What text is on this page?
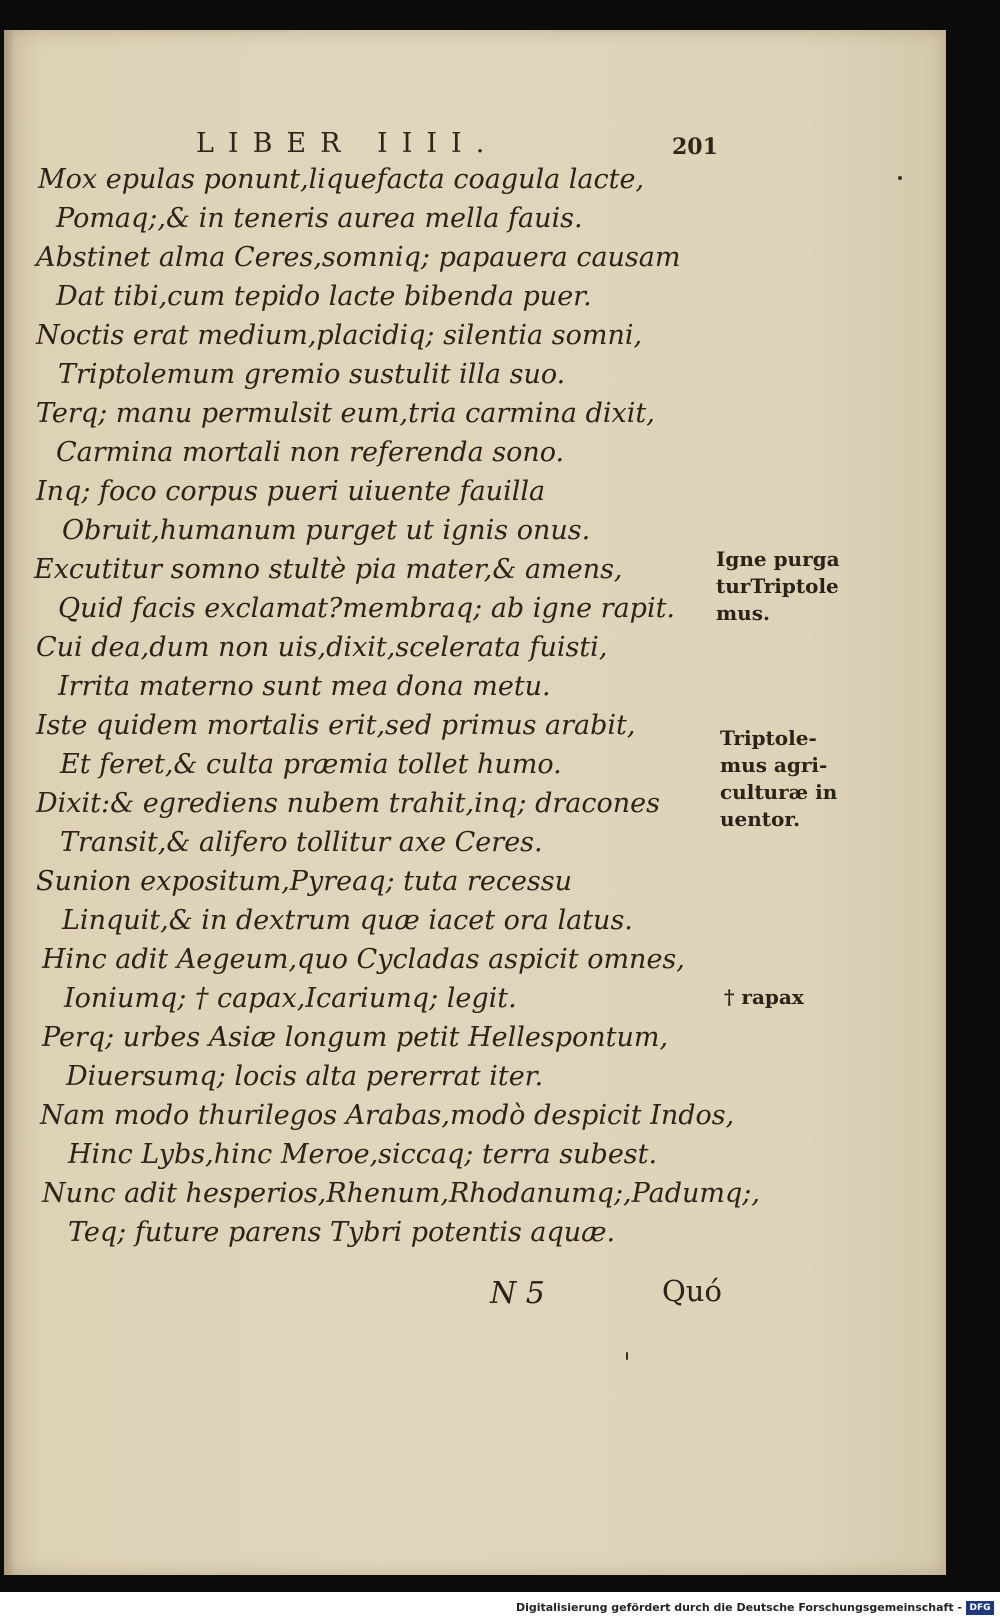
LIBER IIII.	201
Mox epulas ponunt,liquefacta coagula lacte,
Pomaq;,& in teneris aurea mella fauis.
Abstinet alma Ceres,somniq; papauera causam
Dat tibi,cum tepido lacte bibenda puer.
Noctis erat medium,placidiq; silentia somni,
Triptolemum gremio sustulit illa suo.
Terq; manu permulsit eum,tria carmina dixit,
Carmina mortali non referenda sono.
Inq; foco corpus pueri uiuente fauilla
Obruit,humanum purget ut ignis onus.
Excutitur somno stultè pia mater,& amens,
Quid facis exclamat?membraq; ab igne rapit.
Cui dea,dum non uis,dixit,scelerata fuisti,
Irrita materno sunt mea dona metu.
Iste quidem mortalis erit,sed primus arabit,
Et feret,& culta præmia tollet humo.
Dixit:& egrediens nubem trahit,inq; dracones
Transit,& alifero tollitur axe Ceres.
Sunion expositum,Pyreaq; tuta recessu
Linquit,& in dextrum quæ iacet ora latus.
Hinc adit Aegeum,quo Cycladas aspicit omnes,
Ioniumq; † capax,Icariumq; legit.
Perq; urbes Asiæ longum petit Hellespontum,
Diuersumq; locis alta pererrat iter.
Nam modo thurilegos Arabas,modò despicit Indos,
Hinc Lybs,hinc Meroe,siccaq; terra subest.
Nunc adit hesperios,Rhenum,Rhodanumq;,Padumq;,
Teq; future parens Tybri potentis aquæ.
Igne purga
turTriptole
mus.
Triptole-
mus agri-
culturæ in
uentor.
† rapax
N 5	Quó
Digitalisierung gefördert durch die Deutsche Forschungsgemeinschaft - DFG
